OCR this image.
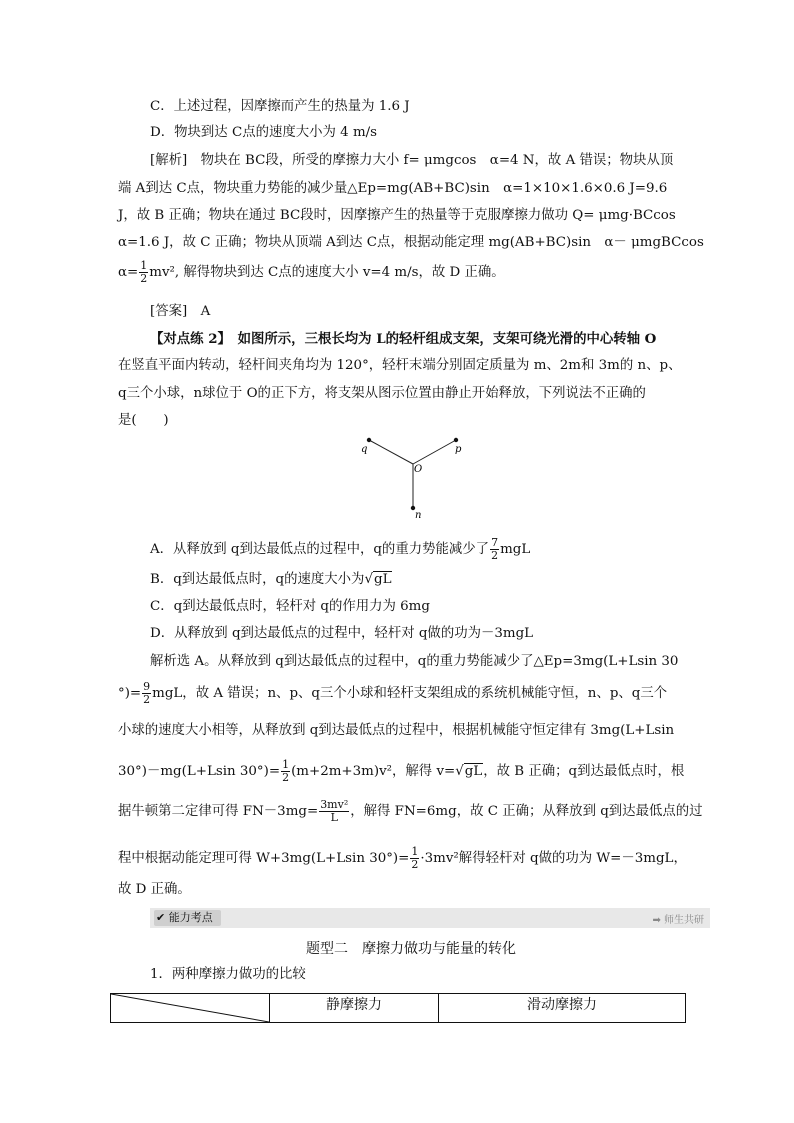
C．上述过程，因摩擦而产生的热量为 1.6 J
D．物块到达 C点的速度大小为 4 m/s
[解析]　物块在 BC段，所受的摩擦力大小 f= μmgcos　α=4 N，故 A 错误；物块从顶
端 A到达 C点，物块重力势能的减少量△Ep=mg(AB+BC)sin　α=1×10×1.6×0.6 J=9.6
J，故 B 正确；物块在通过 BC段时，因摩擦产生的热量等于克服摩擦力做功 Q= μmg·BCcos
α=1.6 J，故 C 正确；物块从顶端 A到达 C点，根据动能定理 mg(AB+BC)sin　α－ μmgBCcos
$\alpha= \frac{1}{2} mv^2$, 解得物块到达 C点的速度大小 v=4 m/s，故 D 正确。
[答案]　A
【对点练 2】　如图所示，三根长均为 L的轻杆组成支架，支架可绕光滑的中心转轴 O
在竖直平面内转动，轻杆间夹角均为 120°，轻杆末端分别固定质量为 m、2m和 3m的 n、p、
q三个小球，n球位于 O的正下方，将支架从图示位置由静止开始释放，下列说法不正确的
是(　　)
q	p
O
n
A．从释放到 q到达最低点的过程中，q的重力势能减少了 $\frac{7}{2}$ mgL
B．q到达最低点时，q的速度大小为√gL
C．q到达最低点时，轻杆对 q的作用力为 6mg
D．从释放到 q到达最低点的过程中，轻杆对 q做的功为－3mgL
解析选 A。从释放到 q到达最低点的过程中，q的重力势能减少了△Ep=3mg(L+Lsin 30
°)= $\frac{9}{2}$ mgL，故 A 错误；n、p、q三个小球和轻杆支架组成的系统机械能守恒，n、p、q三个
小球的速度大小相等，从释放到 q到达最低点的过程中，根据机械能守恒定律有 3mg(L+Lsin
30°)－mg(L+Lsin $30^\circ)= \frac{1}{2} (m+2m+3m)v^2$，解得 v=√gL，故 B 正确；q到达最低点时，根
据牛顿第二定律可得 $FN-3mg= \frac{\text{3mv²}}{L}$ ，解得 FN=6mg，故 C 正确；从释放到 q到达最低点的过
程中根据动能定理可得 W+3mg(L+Lsin $30^\circ)= \frac{1}{2} \cdot 3mv^2$解得轻杆对 q做的功为 W=－3mgL，
故 D 正确。
✔ 能力考点	➡ 师生共研
题型二　摩擦力做功与能量的转化
1．两种摩擦力做功的比较
静摩擦力	滑动摩擦力
